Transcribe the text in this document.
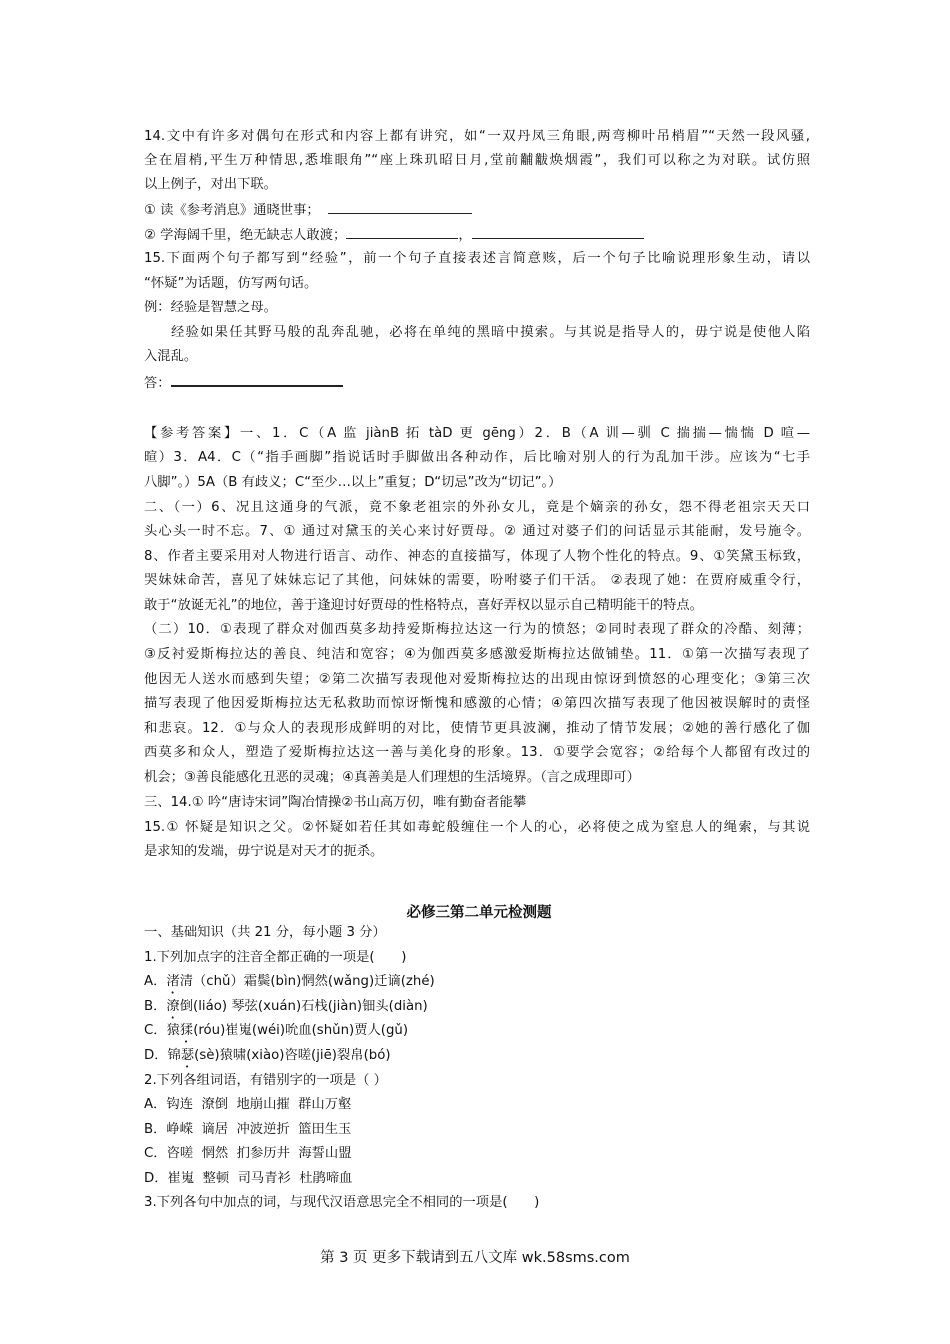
14.文中有许多对偶句在形式和内容上都有讲究，如“一双丹凤三角眼,两弯柳叶吊梢眉”“天然一段风骚,
全在眉梢,平生万种情思,悉堆眼角”“座上珠玑昭日月,堂前黼黻焕烟霞”，我们可以称之为对联。试仿照
以上例子，对出下联。
① 读《参考消息》通晓世事；
② 学海阔千里，绝无缺志人敢渡；	，
15.下面两个句子都写到“经验”，前一个句子直接表述言简意赅，后一个句子比喻说理形象生动，请以
“怀疑”为话题，仿写两句话。
例：经验是智慧之母。
经验如果任其野马般的乱奔乱驰，必将在单纯的黑暗中摸索。与其说是指导人的，毋宁说是使他人陷
入混乱。
答：
【参考答案】一、1．C（A 监 jiànB 拓 tàD 更 gēng）2．B（A 训—驯 C 揣揣—惴惴 D 喧—
暄）3．A4．C（“指手画脚”指说话时手脚做出各种动作，后比喻对别人的行为乱加干涉。应该为“七手
八脚”。）5A（B 有歧义；C“至少…以上”重复；D“切忌”改为“切记”。）
二、（一）6、况且这通身的气派，竟不象老祖宗的外孙女儿，竟是个嫡亲的孙女，怨不得老祖宗天天口
头心头一时不忘。7、① 通过对黛玉的关心来讨好贾母。② 通过对婆子们的问话显示其能耐，发号施令。
8、作者主要采用对人物进行语言、动作、神态的直接描写，体现了人物个性化的特点。9、①笑黛玉标致，
哭妹妹命苦，喜见了妹妹忘记了其他，问妹妹的需要，吩咐婆子们干活。 ②表现了她：在贾府威重令行，
敢于“放诞无礼”的地位，善于逢迎讨好贾母的性格特点，喜好弄权以显示自己精明能干的特点。
（二）10．①表现了群众对伽西莫多劫持爱斯梅拉达这一行为的愤怒；②同时表现了群众的冷酷、刻薄；
③反衬爱斯梅拉达的善良、纯洁和宽容；④为伽西莫多感激爱斯梅拉达做铺垫。11．①第一次描写表现了
他因无人送水而感到失望；②第二次描写表现他对爱斯梅拉达的出现由惊讶到愤怒的心理变化；③第三次
描写表现了他因爱斯梅拉达无私救助而惊讶惭愧和感激的心情；④第四次描写表现了他因被误解时的责怪
和悲哀。12．①与众人的表现形成鲜明的对比，使情节更具波澜，推动了情节发展；②她的善行感化了伽
西莫多和众人，塑造了爱斯梅拉达这一善与美化身的形象。13．①要学会宽容；②给每个人都留有改过的
机会；③善良能感化丑恶的灵魂；④真善美是人们理想的生活境界。（言之成理即可）
三、14.① 吟“唐诗宋词”陶冶情操②书山高万仞，唯有勤奋者能攀
15.① 怀疑是知识之父。②怀疑如若任其如毒蛇般缠住一个人的心，必将使之成为窒息人的绳索，与其说
是求知的发端，毋宁说是对天才的扼杀。
必修三第二单元检测题
一、基础知识（共 21 分，每小题 3 分）
1.下列加点字的注音全都正确的一项是(　　)
A．渚清（chǔ）霜鬓(bìn)惘然(wǎng)迁谪(zhé)
B．潦倒(liáo) 琴弦(xuán)石栈(jiàn)钿头(diàn)
C．猿猱(róu)崔嵬(wéi)吮血(shǔn)贾人(gǔ)
D．锦瑟(sè)猿啸(xiào)咨嗟(jiē)裂帛(bó)
2.下列各组词语，有错别字的一项是（ ）
A．钩连  潦倒  地崩山摧  群山万壑
B．峥嵘  谪居  冲波逆折  篮田生玉
C．咨嗟  惘然  扪参历井  海誓山盟
D．崔嵬  整顿  司马青衫  杜鹃啼血
3.下列各句中加点的词，与现代汉语意思完全不相同的一项是(　　)
第 3 页 更多下载请到五八文库 wk.58sms.com
